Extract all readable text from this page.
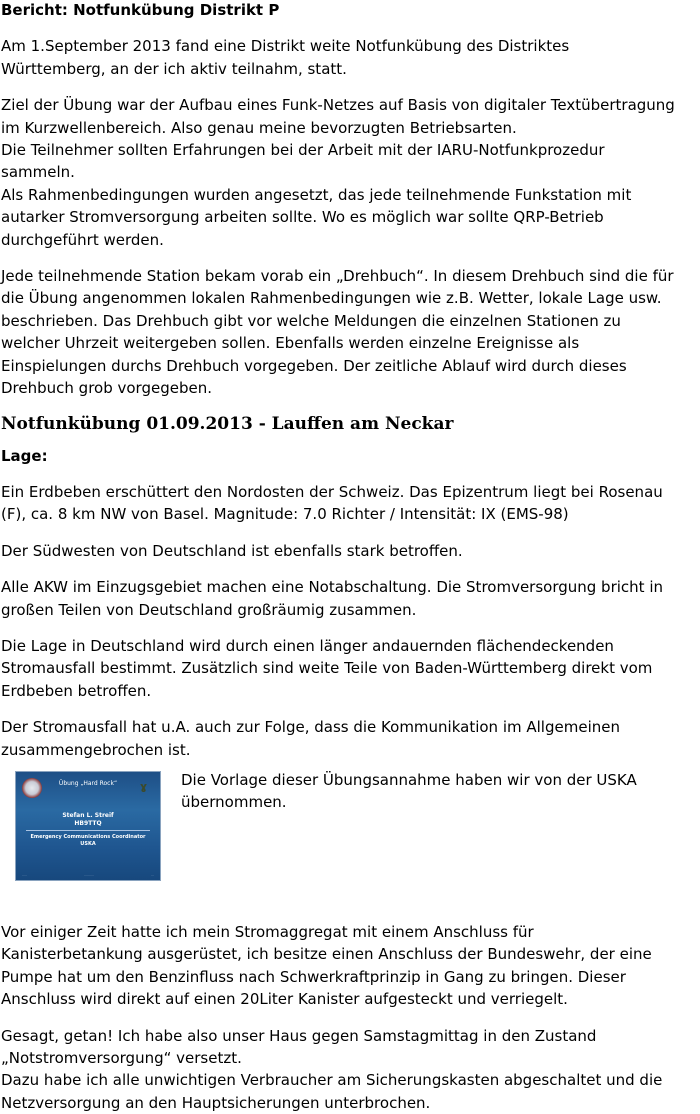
Bericht: Notfunkübung Distrikt P

Am 1.September 2013 fand eine Distrikt weite Notfunkübung des Distriktes
Württemberg, an der ich aktiv teilnahm, statt.

Ziel der Übung war der Aufbau eines Funk-Netzes auf Basis von digitaler Textübertragung
im Kurzwellenbereich. Also genau meine bevorzugten Betriebsarten.
Die Teilnehmer sollten Erfahrungen bei der Arbeit mit der IARU-Notfunkprozedur
sammeln.
Als Rahmenbedingungen wurden angesetzt, das jede teilnehmende Funkstation mit
autarker Stromversorgung arbeiten sollte. Wo es möglich war sollte QRP-Betrieb
durchgeführt werden.

Jede teilnehmende Station bekam vorab ein „Drehbuch“. In diesem Drehbuch sind die für
die Übung angenommen lokalen Rahmenbedingungen wie z.B. Wetter, lokale Lage usw.
beschrieben. Das Drehbuch gibt vor welche Meldungen die einzelnen Stationen zu
welcher Uhrzeit weitergeben sollen. Ebenfalls werden einzelne Ereignisse als
Einspielungen durchs Drehbuch vorgegeben. Der zeitliche Ablauf wird durch dieses
Drehbuch grob vorgegeben.

Notfunkübung 01.09.2013 - Lauffen am Neckar

Lage:

Ein Erdbeben erschüttert den Nordosten der Schweiz. Das Epizentrum liegt bei Rosenau
(F), ca. 8 km NW von Basel. Magnitude: 7.0 Richter / Intensität: IX (EMS-98)

Der Südwesten von Deutschland ist ebenfalls stark betroffen.

Alle AKW im Einzugsgebiet machen eine Notabschaltung. Die Stromversorgung bricht in
großen Teilen von Deutschland großräumig zusammen.

Die Lage in Deutschland wird durch einen länger andauernden flächendeckenden
Stromausfall bestimmt. Zusätzlich sind weite Teile von Baden-Württemberg direkt vom
Erdbeben betroffen.

Der Stromausfall hat u.A. auch zur Folge, dass die Kommunikation im Allgemeinen
zusammengebrochen ist.

ɣ
Übung „Hard Rock“
Stefan L. Streif
HB9TTQ
Emergency Communications Coordinator
USKA
·····	··········	···

Die Vorlage dieser Übungsannahme haben wir von der USKA
übernommen.

Vor einiger Zeit hatte ich mein Stromaggregat mit einem Anschluss für
Kanisterbetankung ausgerüstet, ich besitze einen Anschluss der Bundeswehr, der eine
Pumpe hat um den Benzinfluss nach Schwerkraftprinzip in Gang zu bringen. Dieser
Anschluss wird direkt auf einen 20Liter Kanister aufgesteckt und verriegelt.

Gesagt, getan! Ich habe also unser Haus gegen Samstagmittag in den Zustand
„Notstromversorgung“ versetzt.
Dazu habe ich alle unwichtigen Verbraucher am Sicherungskasten abgeschaltet und die
Netzversorgung an den Hauptsicherungen unterbrochen.
